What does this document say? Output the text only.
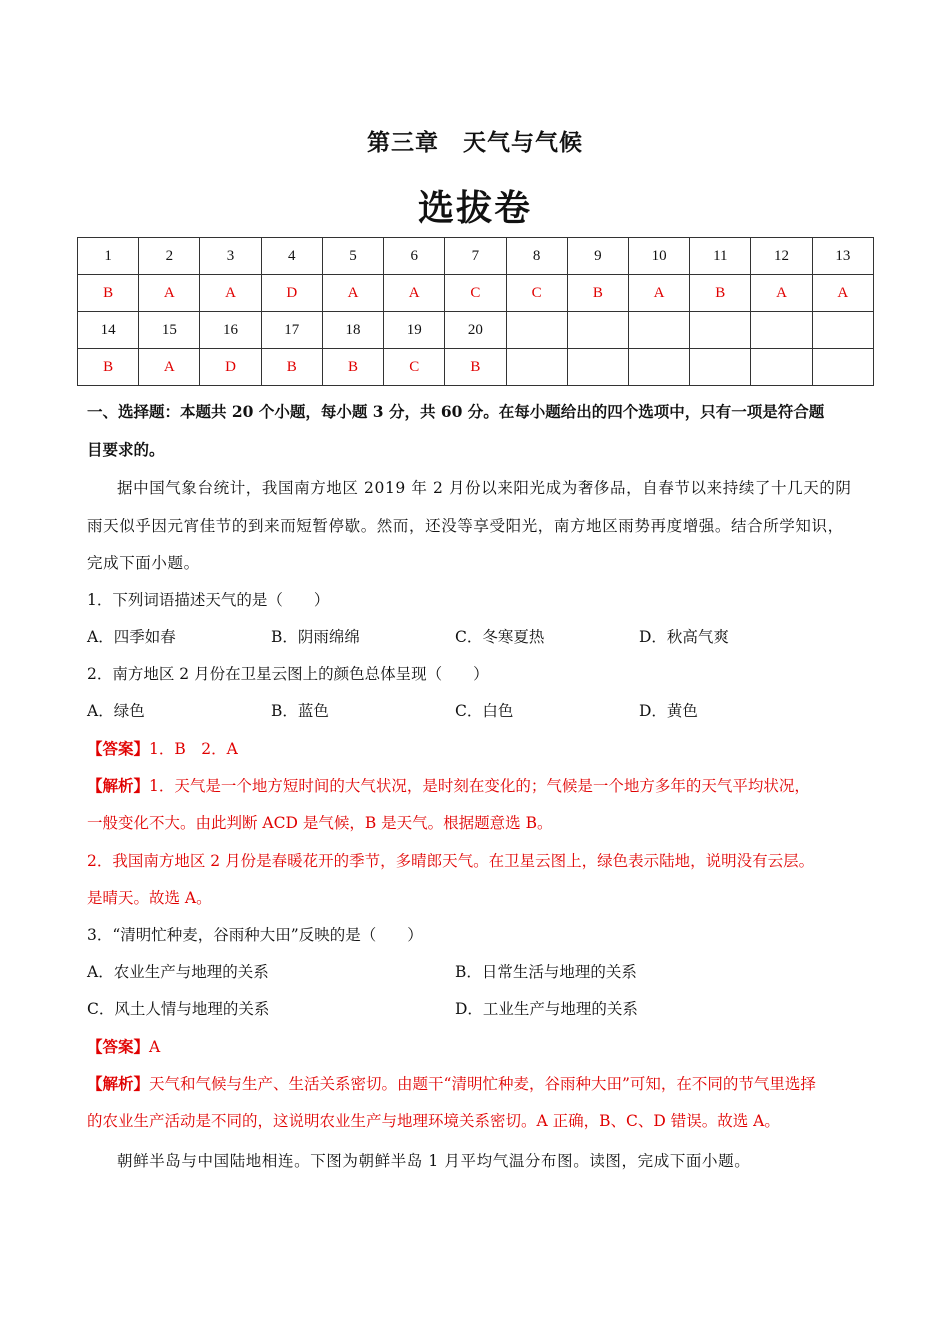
第三章　天气与气候
选拔卷
1	2	3	4	5	6	7	8	9	10	11	12	13
B	A	A	D	A	A	C	C	B	A	B	A	A
14	15	16	17	18	19	20						
B	A	D	B	B	C	B						
一、选择题：本题共 20 个小题，每小题 3 分，共 60 分。在每小题给出的四个选项中，只有一项是符合题
目要求的。
据中国气象台统计，我国南方地区 2019 年 2 月份以来阳光成为奢侈品，自春节以来持续了十几天的阴
雨天似乎因元宵佳节的到来而短暂停歇。然而，还没等享受阳光，南方地区雨势再度增强。结合所学知识，
完成下面小题。
1．下列词语描述天气的是（　　）
A．四季如春	B．阴雨绵绵	C．冬寒夏热	D．秋高气爽
2．南方地区 2 月份在卫星云图上的颜色总体呈现（　　）
A．绿色	B．蓝色	C．白色	D．黄色
【答案】1．B　2．A
【解析】1．天气是一个地方短时间的大气状况，是时刻在变化的；气候是一个地方多年的天气平均状况，
一般变化不大。由此判断 ACD 是气候，B 是天气。根据题意选 B。
2．我国南方地区 2 月份是春暖花开的季节，多晴郎天气。在卫星云图上，绿色表示陆地，说明没有云层。
是晴天。故选 A。
3．“清明忙种麦，谷雨种大田”反映的是（　　）
A．农业生产与地理的关系	B．日常生活与地理的关系
C．风土人情与地理的关系	D．工业生产与地理的关系
【答案】A
【解析】天气和气候与生产、生活关系密切。由题干“清明忙种麦，谷雨种大田”可知，在不同的节气里选择
的农业生产活动是不同的，这说明农业生产与地理环境关系密切。A 正确，B、C、D 错误。故选 A。
朝鲜半岛与中国陆地相连。下图为朝鲜半岛 1 月平均气温分布图。读图，完成下面小题。
